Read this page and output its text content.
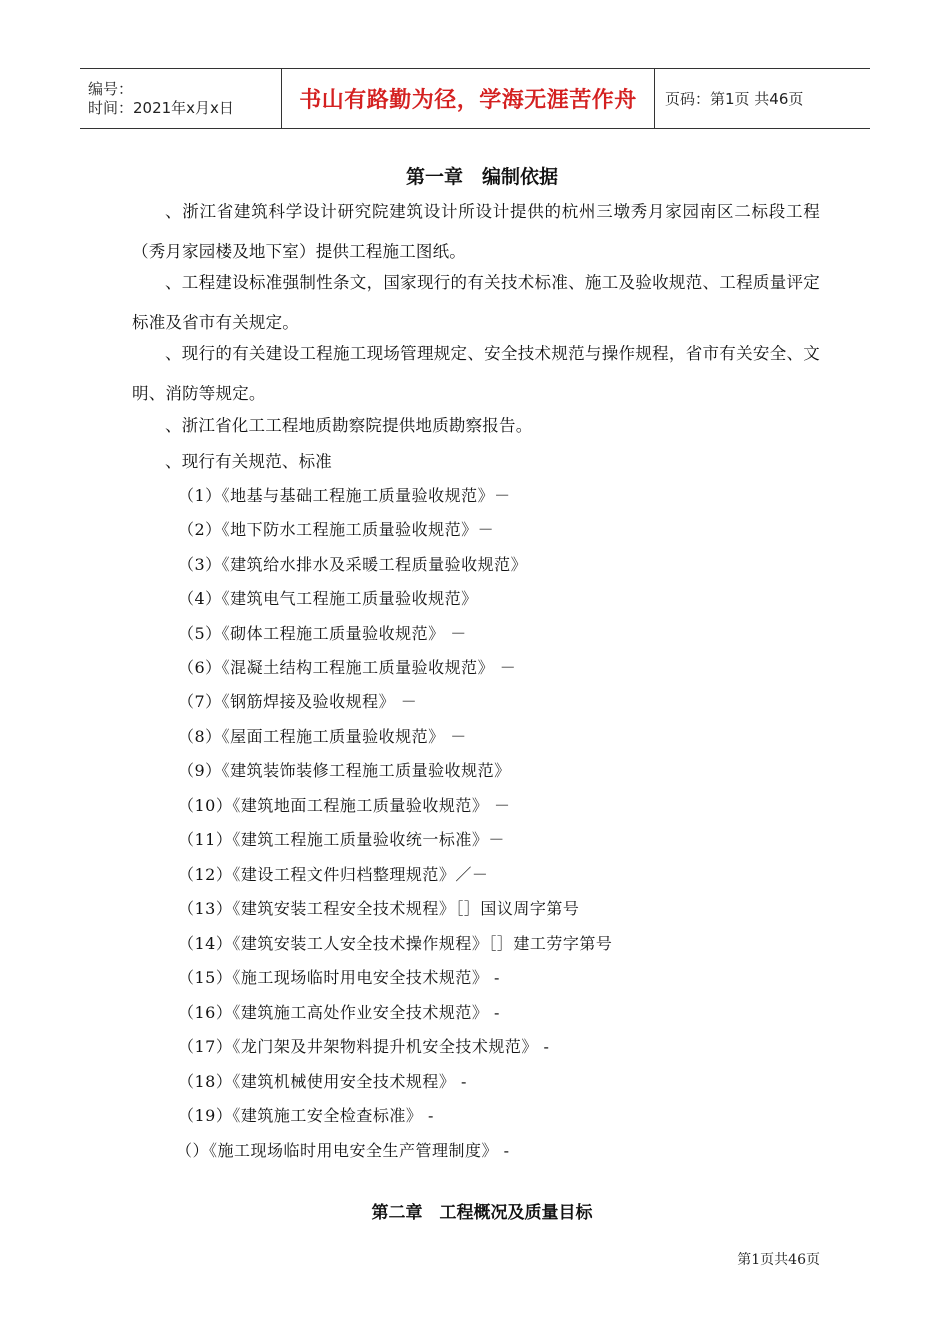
编号：
时间：2021年x月x日	书山有路勤为径，学海无涯苦作舟 页码：第1页 共46页
第一章　编制依据
、浙江省建筑科学设计研究院建筑设计所设计提供的杭州三墩秀月家园南区二标段工程（秀月家园楼及地下室）提供工程施工图纸。
、工程建设标准强制性条文，国家现行的有关技术标准、施工及验收规范、工程质量评定标准及省市有关规定。
、现行的有关建设工程施工现场管理规定、安全技术规范与操作规程，省市有关安全、文明、消防等规定。
、浙江省化工工程地质勘察院提供地质勘察报告。
、现行有关规范、标准
（1）《地基与基础工程施工质量验收规范》－
（2）《地下防水工程施工质量验收规范》－
（3）《建筑给水排水及采暖工程质量验收规范》
（4）《建筑电气工程施工质量验收规范》
（5）《砌体工程施工质量验收规范》 －
（6）《混凝土结构工程施工质量验收规范》 －
（7）《钢筋焊接及验收规程》 －
（8）《屋面工程施工质量验收规范》 －
（9）《建筑装饰装修工程施工质量验收规范》
（10）《建筑地面工程施工质量验收规范》 －
（11）《建筑工程施工质量验收统一标准》－
（12）《建设工程文件归档整理规范》／－
（13）《建筑安装工程安全技术规程》［］国议周字第号
（14）《建筑安装工人安全技术操作规程》［］建工劳字第号
（15）《施工现场临时用电安全技术规范》 -
（16）《建筑施工高处作业安全技术规范》 -
（17）《龙门架及井架物料提升机安全技术规范》 -
（18）《建筑机械使用安全技术规程》 -
（19）《建筑施工安全检查标准》 -
（）《施工现场临时用电安全生产管理制度》 -
第二章　工程概况及质量目标
第1页共46页
